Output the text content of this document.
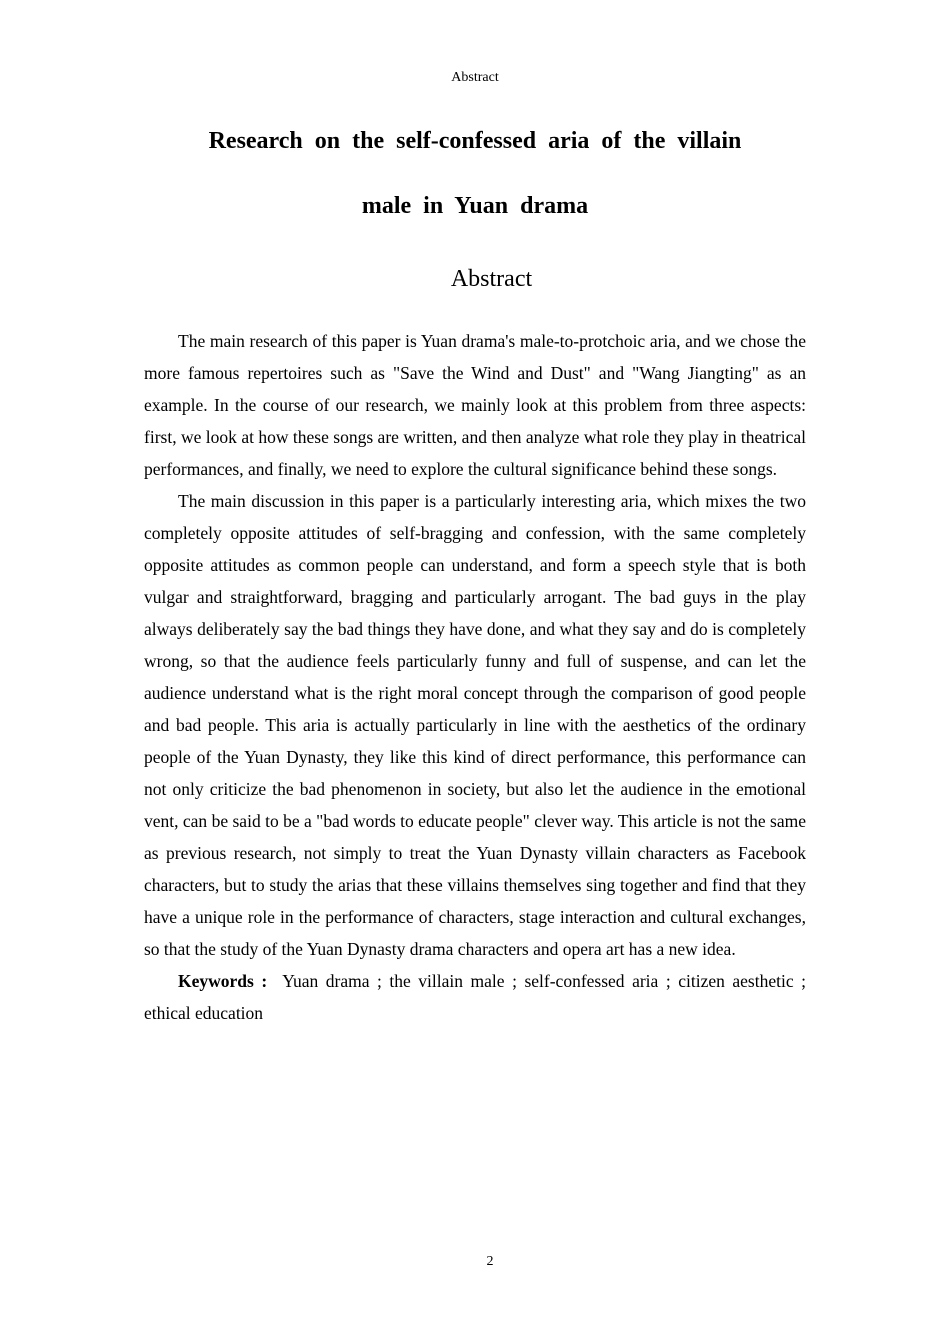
Abstract
Research on the self-confessed aria of the villain
male in Yuan drama
Abstract

The main research of this paper is Yuan drama's male-to-protchoic aria, and we chose the more famous repertoires such as "Save the Wind and Dust" and "Wang Jiangting" as an example. In the course of our research, we mainly look at this problem from three aspects: first, we look at how these songs are written, and then analyze what role they play in theatrical performances, and finally, we need to explore the cultural significance behind these songs.

The main discussion in this paper is a particularly interesting aria, which mixes the two completely opposite attitudes of self-bragging and confession, with the same completely opposite attitudes as common people can understand, and form a speech style that is both vulgar and straightforward, bragging and particularly arrogant. The bad guys in the play always deliberately say the bad things they have done, and what they say and do is completely wrong, so that the audience feels particularly funny and full of suspense, and can let the audience understand what is the right moral concept through the comparison of good people and bad people. This aria is actually particularly in line with the aesthetics of the ordinary people of the Yuan Dynasty, they like this kind of direct performance, this performance can not only criticize the bad phenomenon in society, but also let the audience in the emotional vent, can be said to be a "bad words to educate people" clever way. This article is not the same as previous research, not simply to treat the Yuan Dynasty villain characters as Facebook characters, but to study the arias that these villains themselves sing together and find that they have a unique role in the performance of characters, stage interaction and cultural exchanges, so that the study of the Yuan Dynasty drama characters and opera art has a new idea.

Keywords : Yuan drama ; the villain male ; self-confessed aria ; citizen aesthetic ; ethical education

2
